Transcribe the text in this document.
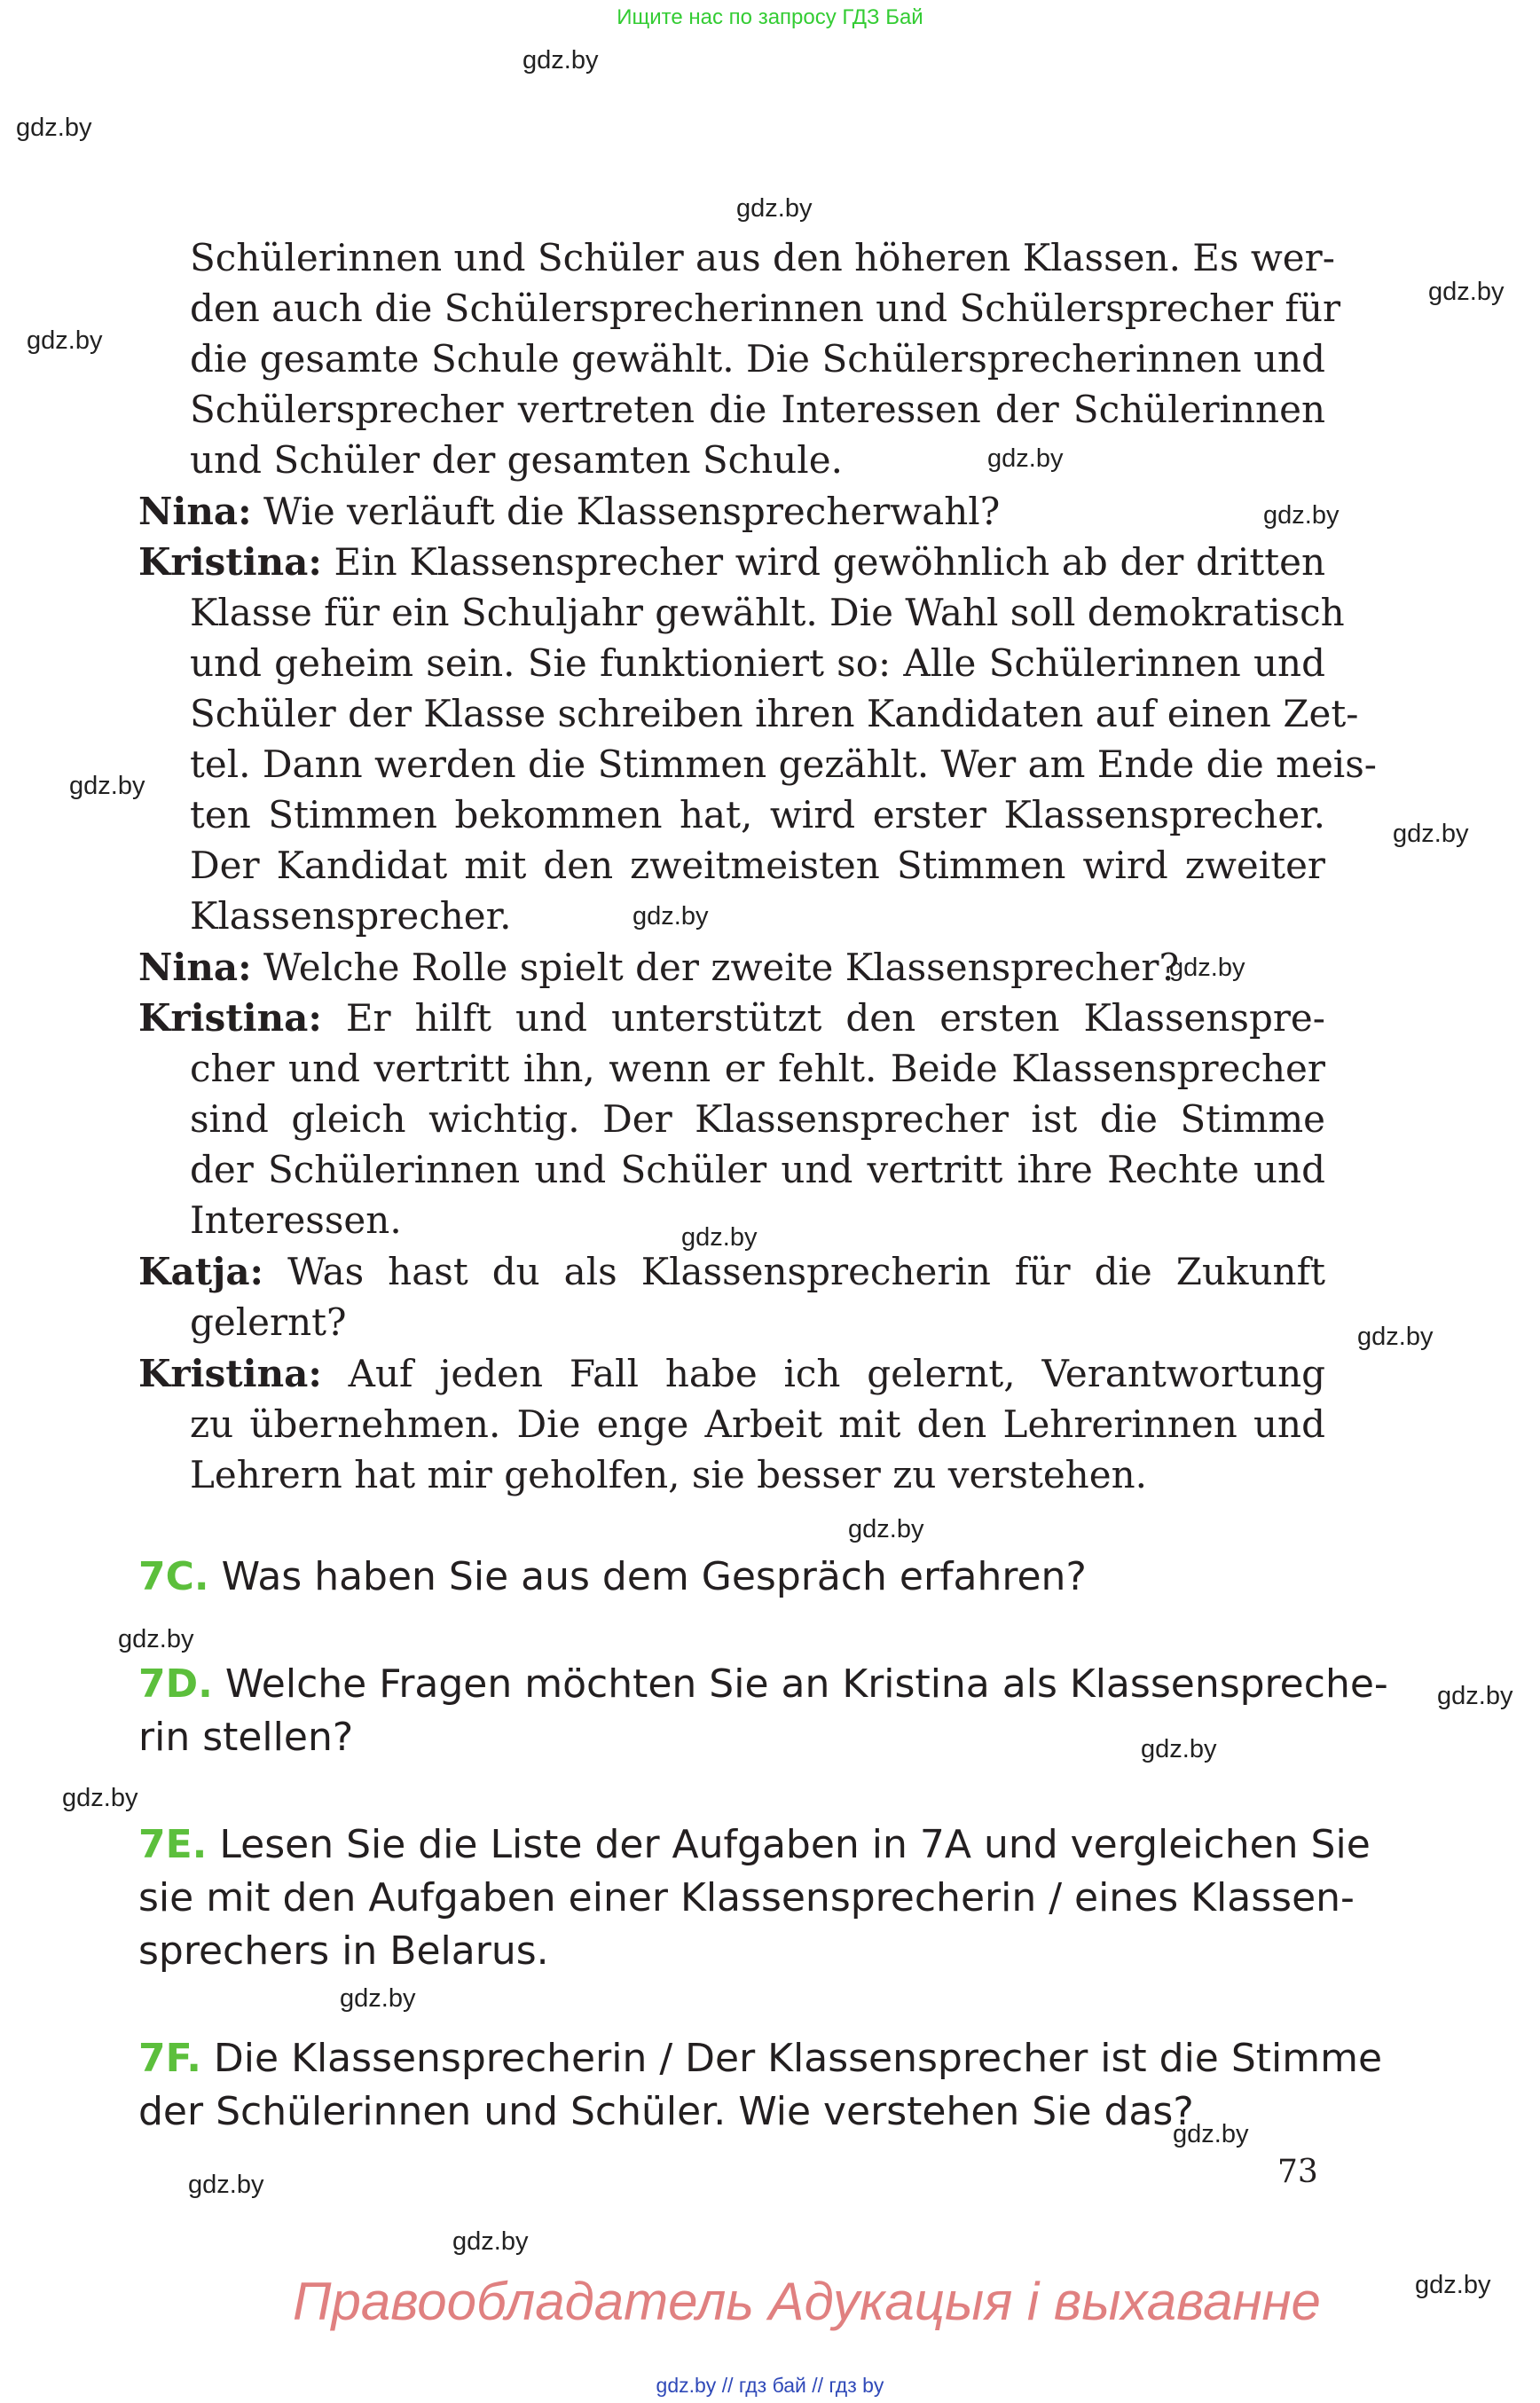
Ищите нас по запросу ГДЗ Бай
gdz.by
gdz.by
gdz.by
gdz.by
gdz.by
gdz.by
gdz.by
gdz.by
gdz.by
gdz.by
gdz.by
gdz.by
gdz.by
gdz.by
gdz.by
gdz.by
gdz.by
gdz.by
gdz.by
gdz.by
gdz.by
gdz.by
gdz.by
Schülerinnen und Schüler aus den höheren Klassen. Es wer-
den auch die Schülersprecherinnen und Schülersprecher für
die gesamte Schule gewählt. Die Schülersprecherinnen und
Schülersprecher vertreten die Interessen der Schülerinnen
und Schüler der gesamten Schule.
Nina: Wie verläuft die Klassensprecherwahl?
Kristina: Ein Klassensprecher wird gewöhnlich ab der dritten
Klasse für ein Schuljahr gewählt. Die Wahl soll demokratisch
und geheim sein. Sie funktioniert so: Alle Schülerinnen und
Schüler der Klasse schreiben ihren Kandidaten auf einen Zet-
tel. Dann werden die Stimmen gezählt. Wer am Ende die meis-
ten Stimmen bekommen hat, wird erster Klassensprecher.
Der Kandidat mit den zweitmeisten Stimmen wird zweiter
Klassensprecher.
Nina: Welche Rolle spielt der zweite Klassensprecher?
Kristina: Er hilft und unterstützt den ersten Klassenspre-
cher und vertritt ihn, wenn er fehlt. Beide Klassensprecher
sind gleich wichtig. Der Klassensprecher ist die Stimme
der Schülerinnen und Schüler und vertritt ihre Rechte und
Interessen.
Katja: Was hast du als Klassensprecherin für die Zukunft
gelernt?
Kristina: Auf jeden Fall habe ich gelernt, Verantwortung
zu übernehmen. Die enge Arbeit mit den Lehrerinnen und
Lehrern hat mir geholfen, sie besser zu verstehen.
7C. Was haben Sie aus dem Gespräch erfahren?
7D. Welche Fragen möchten Sie an Kristina als Klassenspreche-
rin stellen?
7E. Lesen Sie die Liste der Aufgaben in 7A und vergleichen Sie
sie mit den Aufgaben einer Klassensprecherin / eines Klassen-
sprechers in Belarus.
7F. Die Klassensprecherin / Der Klassensprecher ist die Stimme
der Schülerinnen und Schüler. Wie verstehen Sie das?
73
Правообладатель Адукацыя і выхаванне
gdz.by // гдз бай // гдз by
